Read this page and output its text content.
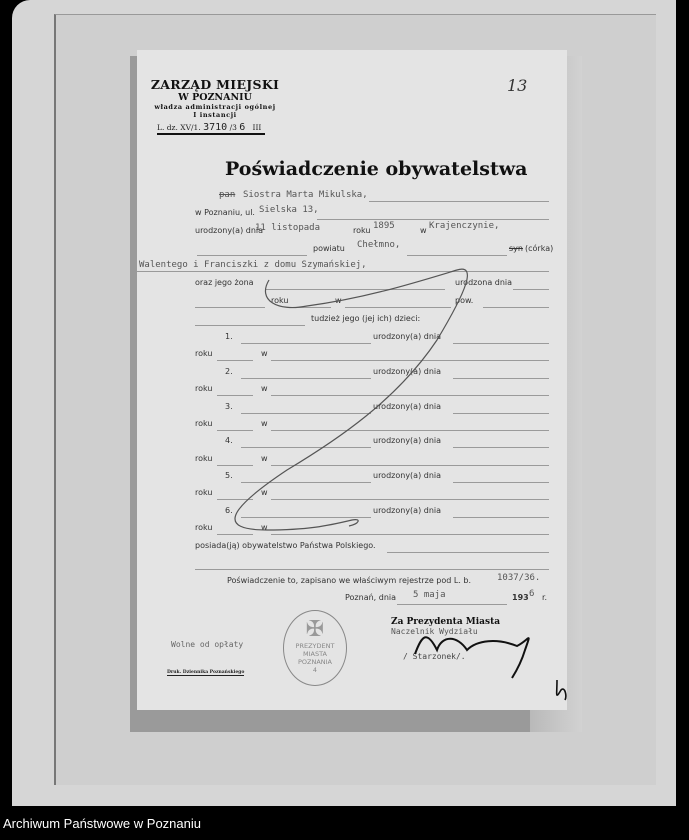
ZARZĄD MIEJSKI
W POZNANIU
władza administracji ogólnej
I instancji
L. dz. XV/1. 3710 /3 6 III
13
Poświadczenie obywatelstwa
pan Siostra Marta Mikulska,
w Poznaniu, ul. Sielska 13,
urodzony(a) dnia
11 listopada	roku 1895	w Krajenczynie,
powiatu Chełmno,	syn (córka)
Walentego i Franciszki z domu Szymańskiej,
oraz jego żona	urodzona dnia
roku	w	pow.
tudzież jego (jej ich) dzieci:
1.	urodzony(a) dnia
roku	w
2.	urodzony(a) dnia
roku	w
3.	urodzony(a) dnia
roku	w
4.	urodzony(a) dnia
roku	w
5.	urodzony(a) dnia
roku	w
6.	urodzony(a) dnia
roku	w
posiada(ją) obywatelstwo Państwa Polskiego.
Poświadczenie to, zapisano we właściwym rejestrze pod L. b.	1037/36.
Poznań, dnia 5 maja	193 6 r.
Wolne od opłaty
Druk. Dziennika Poznańskiego
✠
PREZYDENT
MIASTA
POZNANIA
4
Za Prezydenta Miasta
Naczelnik Wydziału
/ Starzonek/.
Archiwum Państwowe w Poznaniu
